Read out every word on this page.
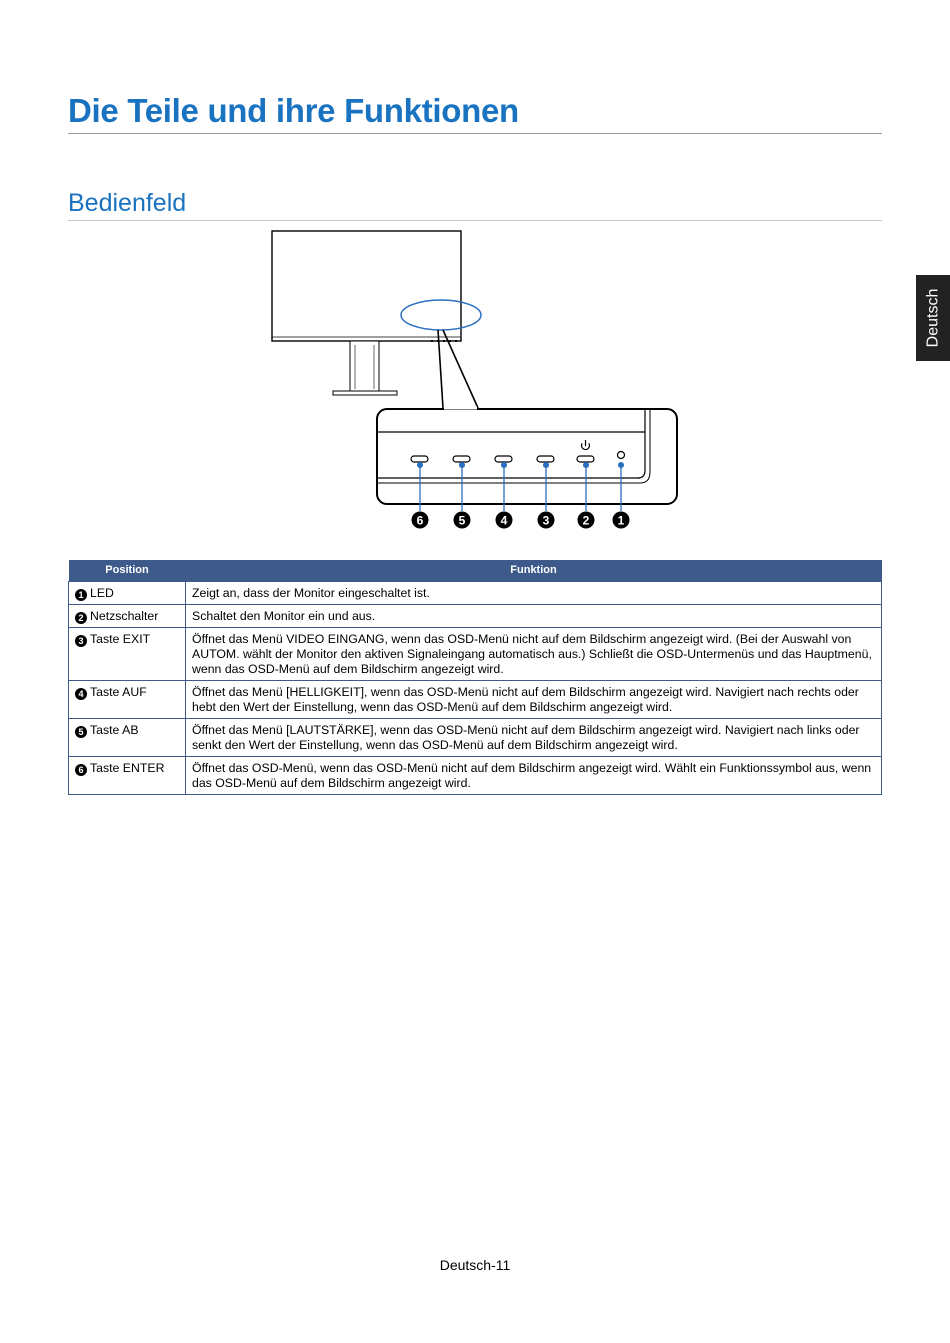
Die Teile und ihre Funktionen
Bedienfeld
Deutsch
6	5	4	3	2 1
Position	Funktion
1 LED	Zeigt an, dass der Monitor eingeschaltet ist.
2 Netzschalter	Schaltet den Monitor ein und aus.
3 Taste EXIT	Öffnet das Menü VIDEO EINGANG, wenn das OSD-Menü nicht auf dem Bildschirm angezeigt wird. (Bei der Auswahl von AUTOM. wählt der Monitor den aktiven Signaleingang automatisch aus.) Schließt die OSD-Untermenüs und das Hauptmenü, wenn das OSD-Menü auf dem Bildschirm angezeigt wird.
4 Taste AUF	Öffnet das Menü [HELLIGKEIT], wenn das OSD-Menü nicht auf dem Bildschirm angezeigt wird. Navigiert nach rechts oder hebt den Wert der Einstellung, wenn das OSD-Menü auf dem Bildschirm angezeigt wird.
5 Taste AB	Öffnet das Menü [LAUTSTÄRKE], wenn das OSD-Menü nicht auf dem Bildschirm angezeigt wird. Navigiert nach links oder senkt den Wert der Einstellung, wenn das OSD-Menü auf dem Bildschirm angezeigt wird.
6 Taste ENTER	Öffnet das OSD-Menü, wenn das OSD-Menü nicht auf dem Bildschirm angezeigt wird. Wählt ein Funktionssymbol aus, wenn das OSD-Menü auf dem Bildschirm angezeigt wird.
Deutsch-11
